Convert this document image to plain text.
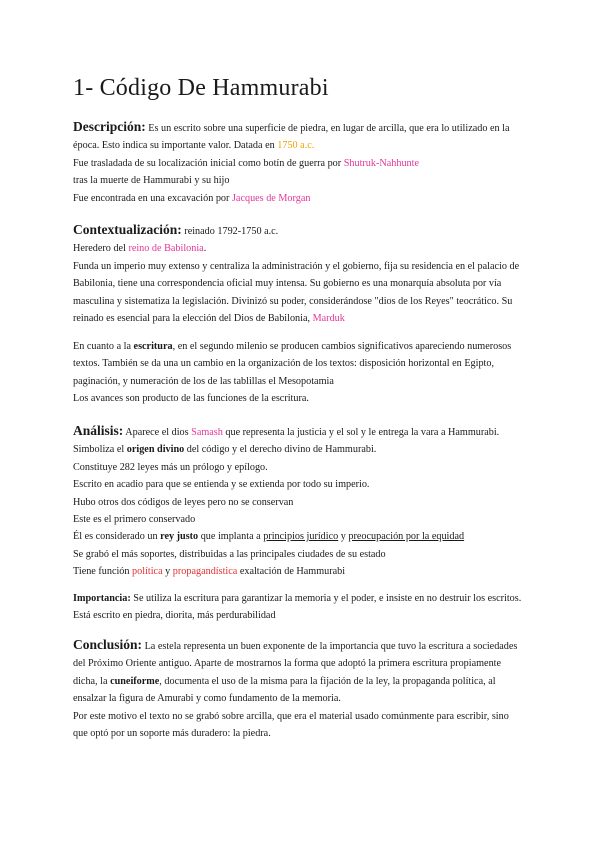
1- Código De Hammurabi
Descripción: Es un escrito sobre una superficie de piedra, en lugar de arcilla, que era lo utilizado en la
época. Esto indica su importante valor. Datada en 1750 a.c.
Fue trasladada de su localización inicial como botín de guerra por Shutruk-Nahhunte
tras la muerte de Hammurabi y su hijo
Fue encontrada en una excavación por Jacques de Morgan
Contextualización: reinado 1792-1750 a.c.
Heredero del reino de Babilonia.
Funda un imperio muy extenso y centraliza la administración y el gobierno, fija su residencia en el palacio de
Babilonia, tiene una correspondencia oficial muy intensa. Su gobierno es una monarquía absoluta por vía
masculina y sistematiza la legislación. Divinizó su poder, considerándose "dios de los Reyes" teocrático. Su
reinado es esencial para la elección del Dios de Babilonia, Marduk
En cuanto a la escritura, en el segundo milenio se producen cambios significativos apareciendo numerosos
textos. También se da una un cambio en la organización de los textos: disposición horizontal en Egipto,
paginación, y numeración de los de las tablillas el Mesopotamia
Los avances son producto de las funciones de la escritura.
Análisis: Aparece el dios Samash que representa la justicia y el sol y le entrega la vara a Hammurabi.
Simboliza el origen divino del código y el derecho divino de Hammurabi.
Constituye 282 leyes más un prólogo y epílogo.
Escrito en acadio para que se entienda y se extienda por todo su imperio.
Hubo otros dos códigos de leyes pero no se conservan
Este es el primero conservado
Él es considerado un rey justo que implanta a principios jurídico y preocupación por la equidad
Se grabó el más soportes, distribuidas a las principales ciudades de su estado
Tiene función política y propagandística exaltación de Hammurabi
Importancia: Se utiliza la escritura para garantizar la memoria y el poder, e insiste en no destruir los escritos.
Está escrito en piedra, diorita, más perdurabilidad
Conclusión: La estela representa un buen exponente de la importancia que tuvo la escritura a sociedades
del Próximo Oriente antiguo. Aparte de mostrarnos la forma que adoptó la primera escritura propiamente
dicha, la cuneiforme, documenta el uso de la misma para la fijación de la ley, la propaganda política, al
ensalzar la figura de Amurabi y como fundamento de la memoria.
Por este motivo el texto no se grabó sobre arcilla, que era el material usado comúnmente para escribir, sino
que optó por un soporte más duradero: la piedra.
